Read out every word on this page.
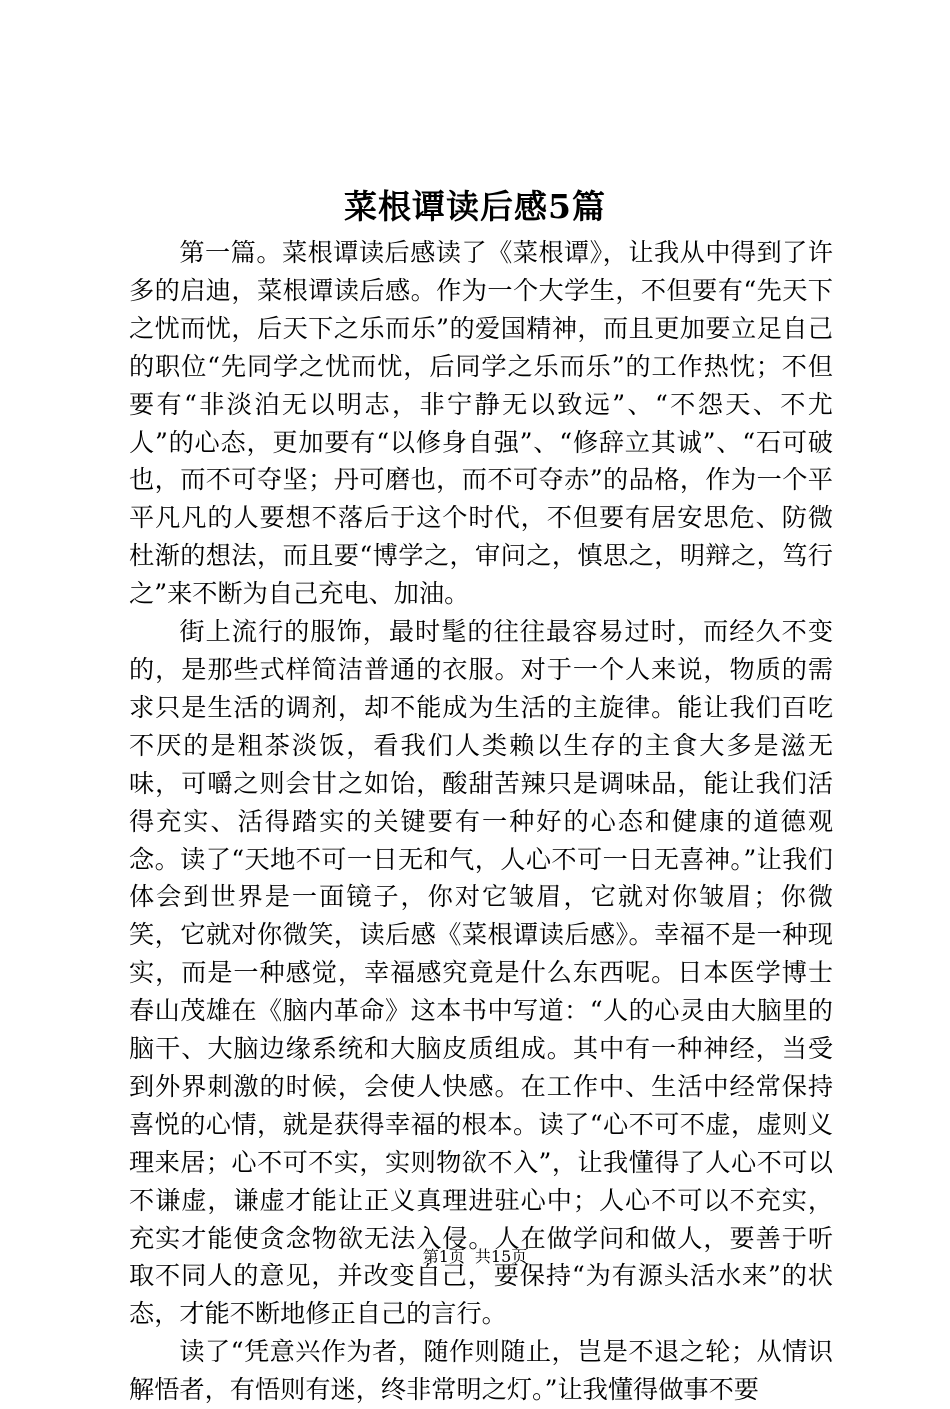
菜根谭读后感5篇

第一篇。菜根谭读后感读了《菜根谭》，让我从中得到了许多的启迪，菜根谭读后感。作为一个大学生，不但要有“先天下之忧而忧，后天下之乐而乐”的爱国精神，而且更加要立足自己的职位“先同学之忧而忧，后同学之乐而乐”的工作热忱；不但要有“非淡泊无以明志，非宁静无以致远”、“不怨天、不尤人”的心态，更加要有“以修身自强”、“修辞立其诚”、“石可破也，而不可夺坚；丹可磨也，而不可夺赤”的品格，作为一个平平凡凡的人要想不落后于这个时代，不但要有居安思危、防微杜渐的想法，而且要“博学之，审问之，慎思之，明辩之，笃行之”来不断为自己充电、加油。

街上流行的服饰，最时髦的往往最容易过时，而经久不变的，是那些式样简洁普通的衣服。对于一个人来说，物质的需求只是生活的调剂，却不能成为生活的主旋律。能让我们百吃不厌的是粗茶淡饭，看我们人类赖以生存的主食大多是滋无味，可嚼之则会甘之如饴，酸甜苦辣只是调味品，能让我们活得充实、活得踏实的关键要有一种好的心态和健康的道德观念。读了“天地不可一日无和气，人心不可一日无喜神。”让我们体会到世界是一面镜子，你对它皱眉，它就对你皱眉；你微笑，它就对你微笑，读后感《菜根谭读后感》。幸福不是一种现实，而是一种感觉，幸福感究竟是什么东西呢。日本医学博士春山茂雄在《脑内革命》这本书中写道：“人的心灵由大脑里的脑干、大脑边缘系统和大脑皮质组成。其中有一种神经，当受到外界刺激的时候，会使人快感。在工作中、生活中经常保持喜悦的心情，就是获得幸福的根本。读了“心不可不虚，虚则义理来居；心不可不实，实则物欲不入”，让我懂得了人心不可以不谦虚，谦虚才能让正义真理进驻心中；人心不可以不充实，充实才能使贪念物欲无法入侵。人在做学问和做人，要善于听取不同人的意见，并改变自己，要保持“为有源头活水来”的状态，才能不断地修正自己的言行。

读了“凭意兴作为者，随作则随止，岂是不退之轮；从情识解悟者，有悟则有迷，终非常明之灯。”让我懂得做事不要

第1页 共15页
